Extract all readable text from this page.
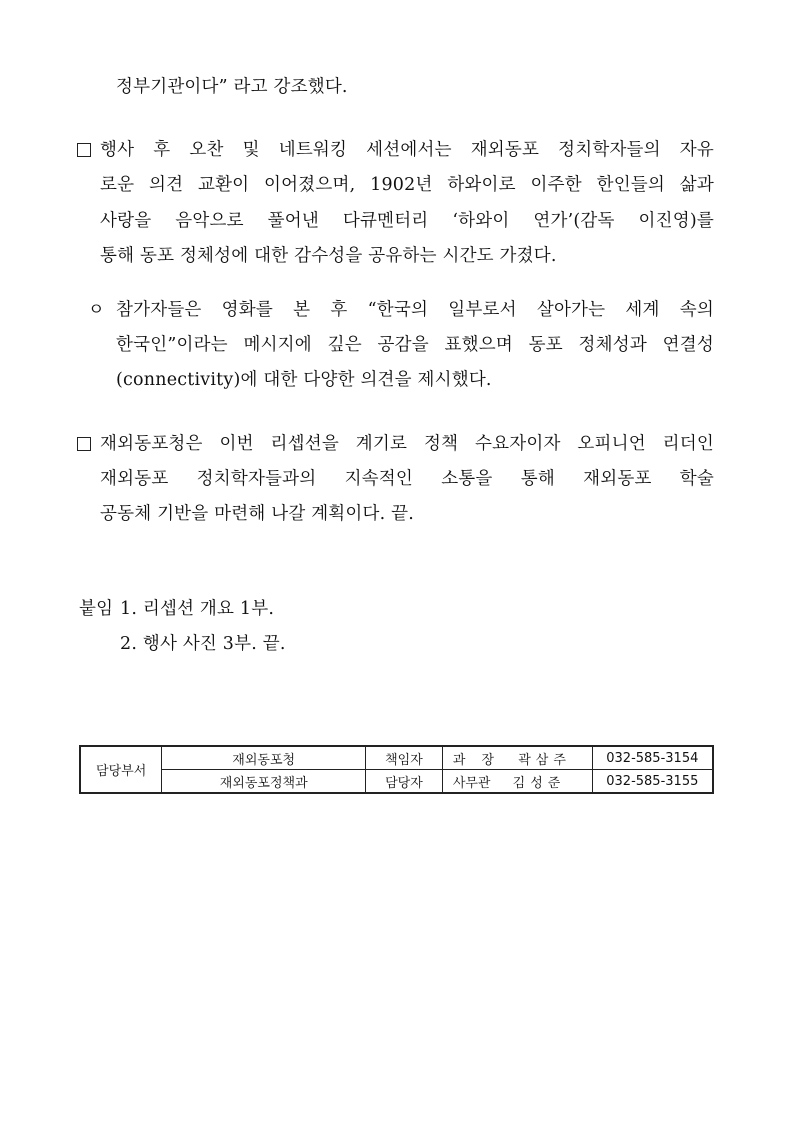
정부기관이다” 라고 강조했다.
행사 후 오찬 및 네트워킹 세션에서는 재외동포 정치학자들의 자유
로운 의견 교환이 이어졌으며, 1902년 하와이로 이주한 한인들의 삶과
사랑을 음악으로 풀어낸 다큐멘터리 ‘하와이 연가’(감독 이진영)를
통해 동포 정체성에 대한 감수성을 공유하는 시간도 가졌다.
ㅇ 참가자들은 영화를 본 후 “한국의 일부로서 살아가는 세계 속의
한국인”이라는 메시지에 깊은 공감을 표했으며 동포 정체성과 연결성
(connectivity)에 대한 다양한 의견을 제시했다.
재외동포청은 이번 리셉션을 계기로 정책 수요자이자 오피니언 리더인
재외동포 정치학자들과의 지속적인 소통을 통해 재외동포 학술
공동체 기반을 마련해 나갈 계획이다. 끝.
붙임 1. 리셉션 개요 1부.
2. 행사 사진 3부. 끝.
담당부서	재외동포청	책임자	과 장 곽삼주	032-585-3154
	재외동포정책과	담당자	사무관 김성준	032-585-3155
